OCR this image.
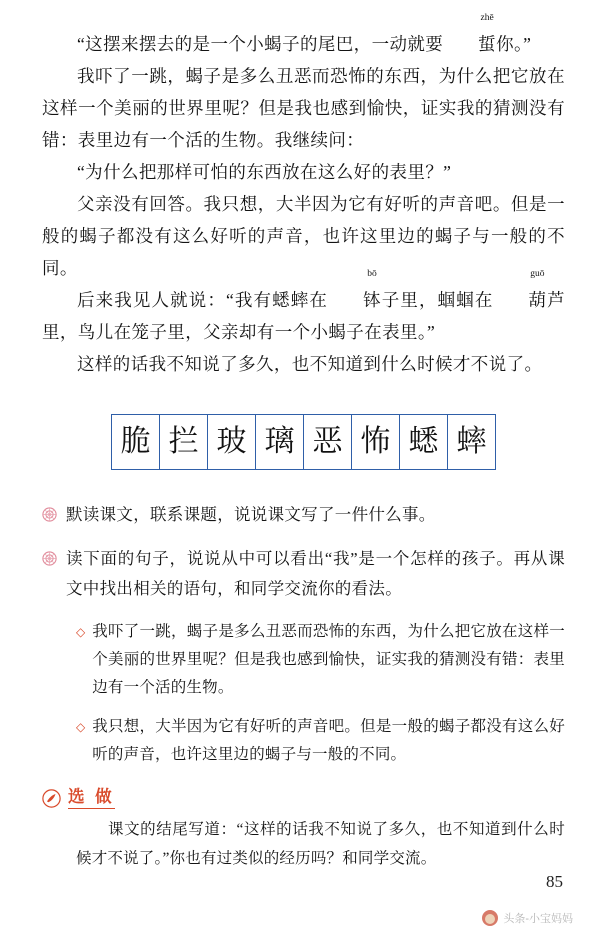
“这摆来摆去的是一个小蝎子的尾巴，一动就要
zhē
蜇你。”

我吓了一跳，蝎子是多么丑恶而恐怖的东西，为什么把它放在这样一个美丽的世界里呢？但是我也感到愉快，证实我的猜测没有错：表里边有一个活的生物。我继续问：

“为什么把那样可怕的东西放在这么好的表里？”

父亲没有回答。我只想，大半因为它有好听的声音吧。但是一般的蝎子都没有这么好听的声音，也许这里边的蝎子与一般的不同。

后来我见人就说：“我有蟋蟀在
bō
钵子里，蝈蝈在
guō
葫芦里，鸟儿在笼子里，父亲却有一个小蝎子在表里。”

这样的话我不知说了多久，也不知道到什么时候才不说了。

脆 拦 玻 璃 恶 怖 蟋 蟀
默读课文，联系课题，说说课文写了一件什么事。
读下面的句子，说说从中可以看出“我”是一个怎样的孩子。再从课文中找出相关的语句，和同学交流你的看法。
◇ 我吓了一跳，蝎子是多么丑恶而恐怖的东西，为什么把它放在这样一个美丽的世界里呢？但是我也感到愉快，证实我的猜测没有错：表里边有一个活的生物。
◇ 我只想，大半因为它有好听的声音吧。但是一般的蝎子都没有这么好听的声音，也许这里边的蝎子与一般的不同。
选 做
课文的结尾写道：“这样的话我不知说了多久，也不知道到什么时候才不说了。”你也有过类似的经历吗？和同学交流。
85
头条-小宝妈妈
